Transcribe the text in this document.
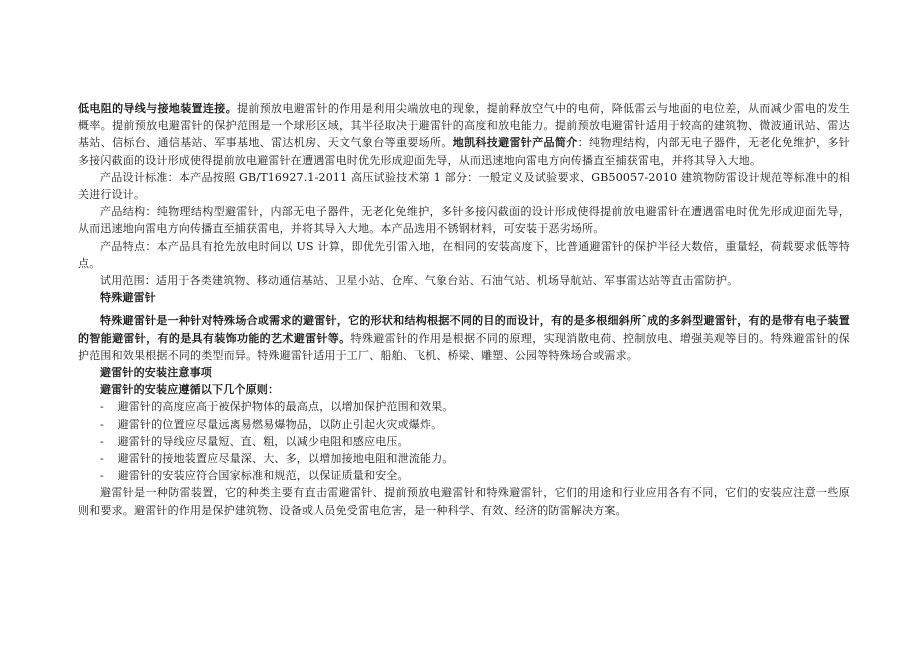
低电阻的导线与接地装置连接。提前预放电避雷针的作用是利用尖端放电的现象，提前释放空气中的电荷，降低雷云与地面的电位差，从而减少雷电的发生概率。提前预放电避雷针的保护范围是一个球形区域，其半径取决于避雷针的高度和放电能力。提前预放电避雷针适用于较高的建筑物、微波通讯站、雷达基站、信标台、通信基站、军事基地、雷达机房、天文气象台等重要场所。地凯科技避雷针产品简介：纯物理结构，内部无电子器件，无老化免维护，多针多接闪截面的设计形成使得提前放电避雷针在遭遇雷电时优先形成迎面先导，从而迅速地向雷电方向传播直至捕获雷电，并将其导入大地。

产品设计标准：本产品按照 GB/T16927.1-2011 高压试验技术第 1 部分：一般定义及试验要求、GB50057-2010 建筑物防雷设计规范等标准中的相关进行设计。

产品结构：纯物理结构型避雷针，内部无电子器件，无老化免维护，多针多接闪截面的设计形成使得提前放电避雷针在遭遇雷电时优先形成迎面先导，从而迅速地向雷电方向传播直至捕获雷电，并将其导入大地。本产品选用不锈钢材料，可安装于恶劣场所。

产品特点：本产品具有抢先放电时间以 US 计算，即优先引雷入地，在相同的安装高度下，比普通避雷针的保护半径大数倍，重量轻，荷载要求低等特点。

试用范围：适用于各类建筑物、移动通信基站、卫星小站、仓库、气象台站、石油气站、机场导航站、军事雷达站等直击雷防护。

特殊避雷针

特殊避雷针是一种针对特殊场合或需求的避雷针，它的形状和结构根据不同的目的而设计，有的是多根细斜所ˆ成的多斜型避雷针，有的是带有电子装置的智能避雷针，有的是具有装饰功能的艺术避雷针等。特殊避雷针的作用是根据不同的原理，实现消散电荷、控制放电、增强美观等目的。特殊避雷针的保护范围和效果根据不同的类型而异。特殊避雷针适用于工厂、船舶、飞机、桥梁、雕塑、公园等特殊场合或需求。

避雷针的安装注意事项

避雷针的安装应遵循以下几个原则：

- 避雷针的高度应高于被保护物体的最高点，以增加保护范围和效果。

- 避雷针的位置应尽量远离易燃易爆物品，以防止引起火灾或爆炸。

- 避雷针的导线应尽量短、直、粗，以减少电阻和感应电压。

- 避雷针的接地装置应尽量深、大、多，以增加接地电阻和泄流能力。

- 避雷针的安装应符合国家标准和规范，以保证质量和安全。

避雷针是一种防雷装置，它的种类主要有直击雷避雷针、提前预放电避雷针和特殊避雷针，它们的用途和行业应用各有不同，它们的安装应注意一些原则和要求。避雷针的作用是保护建筑物、设备或人员免受雷电危害，是一种科学、有效、经济的防雷解决方案。
